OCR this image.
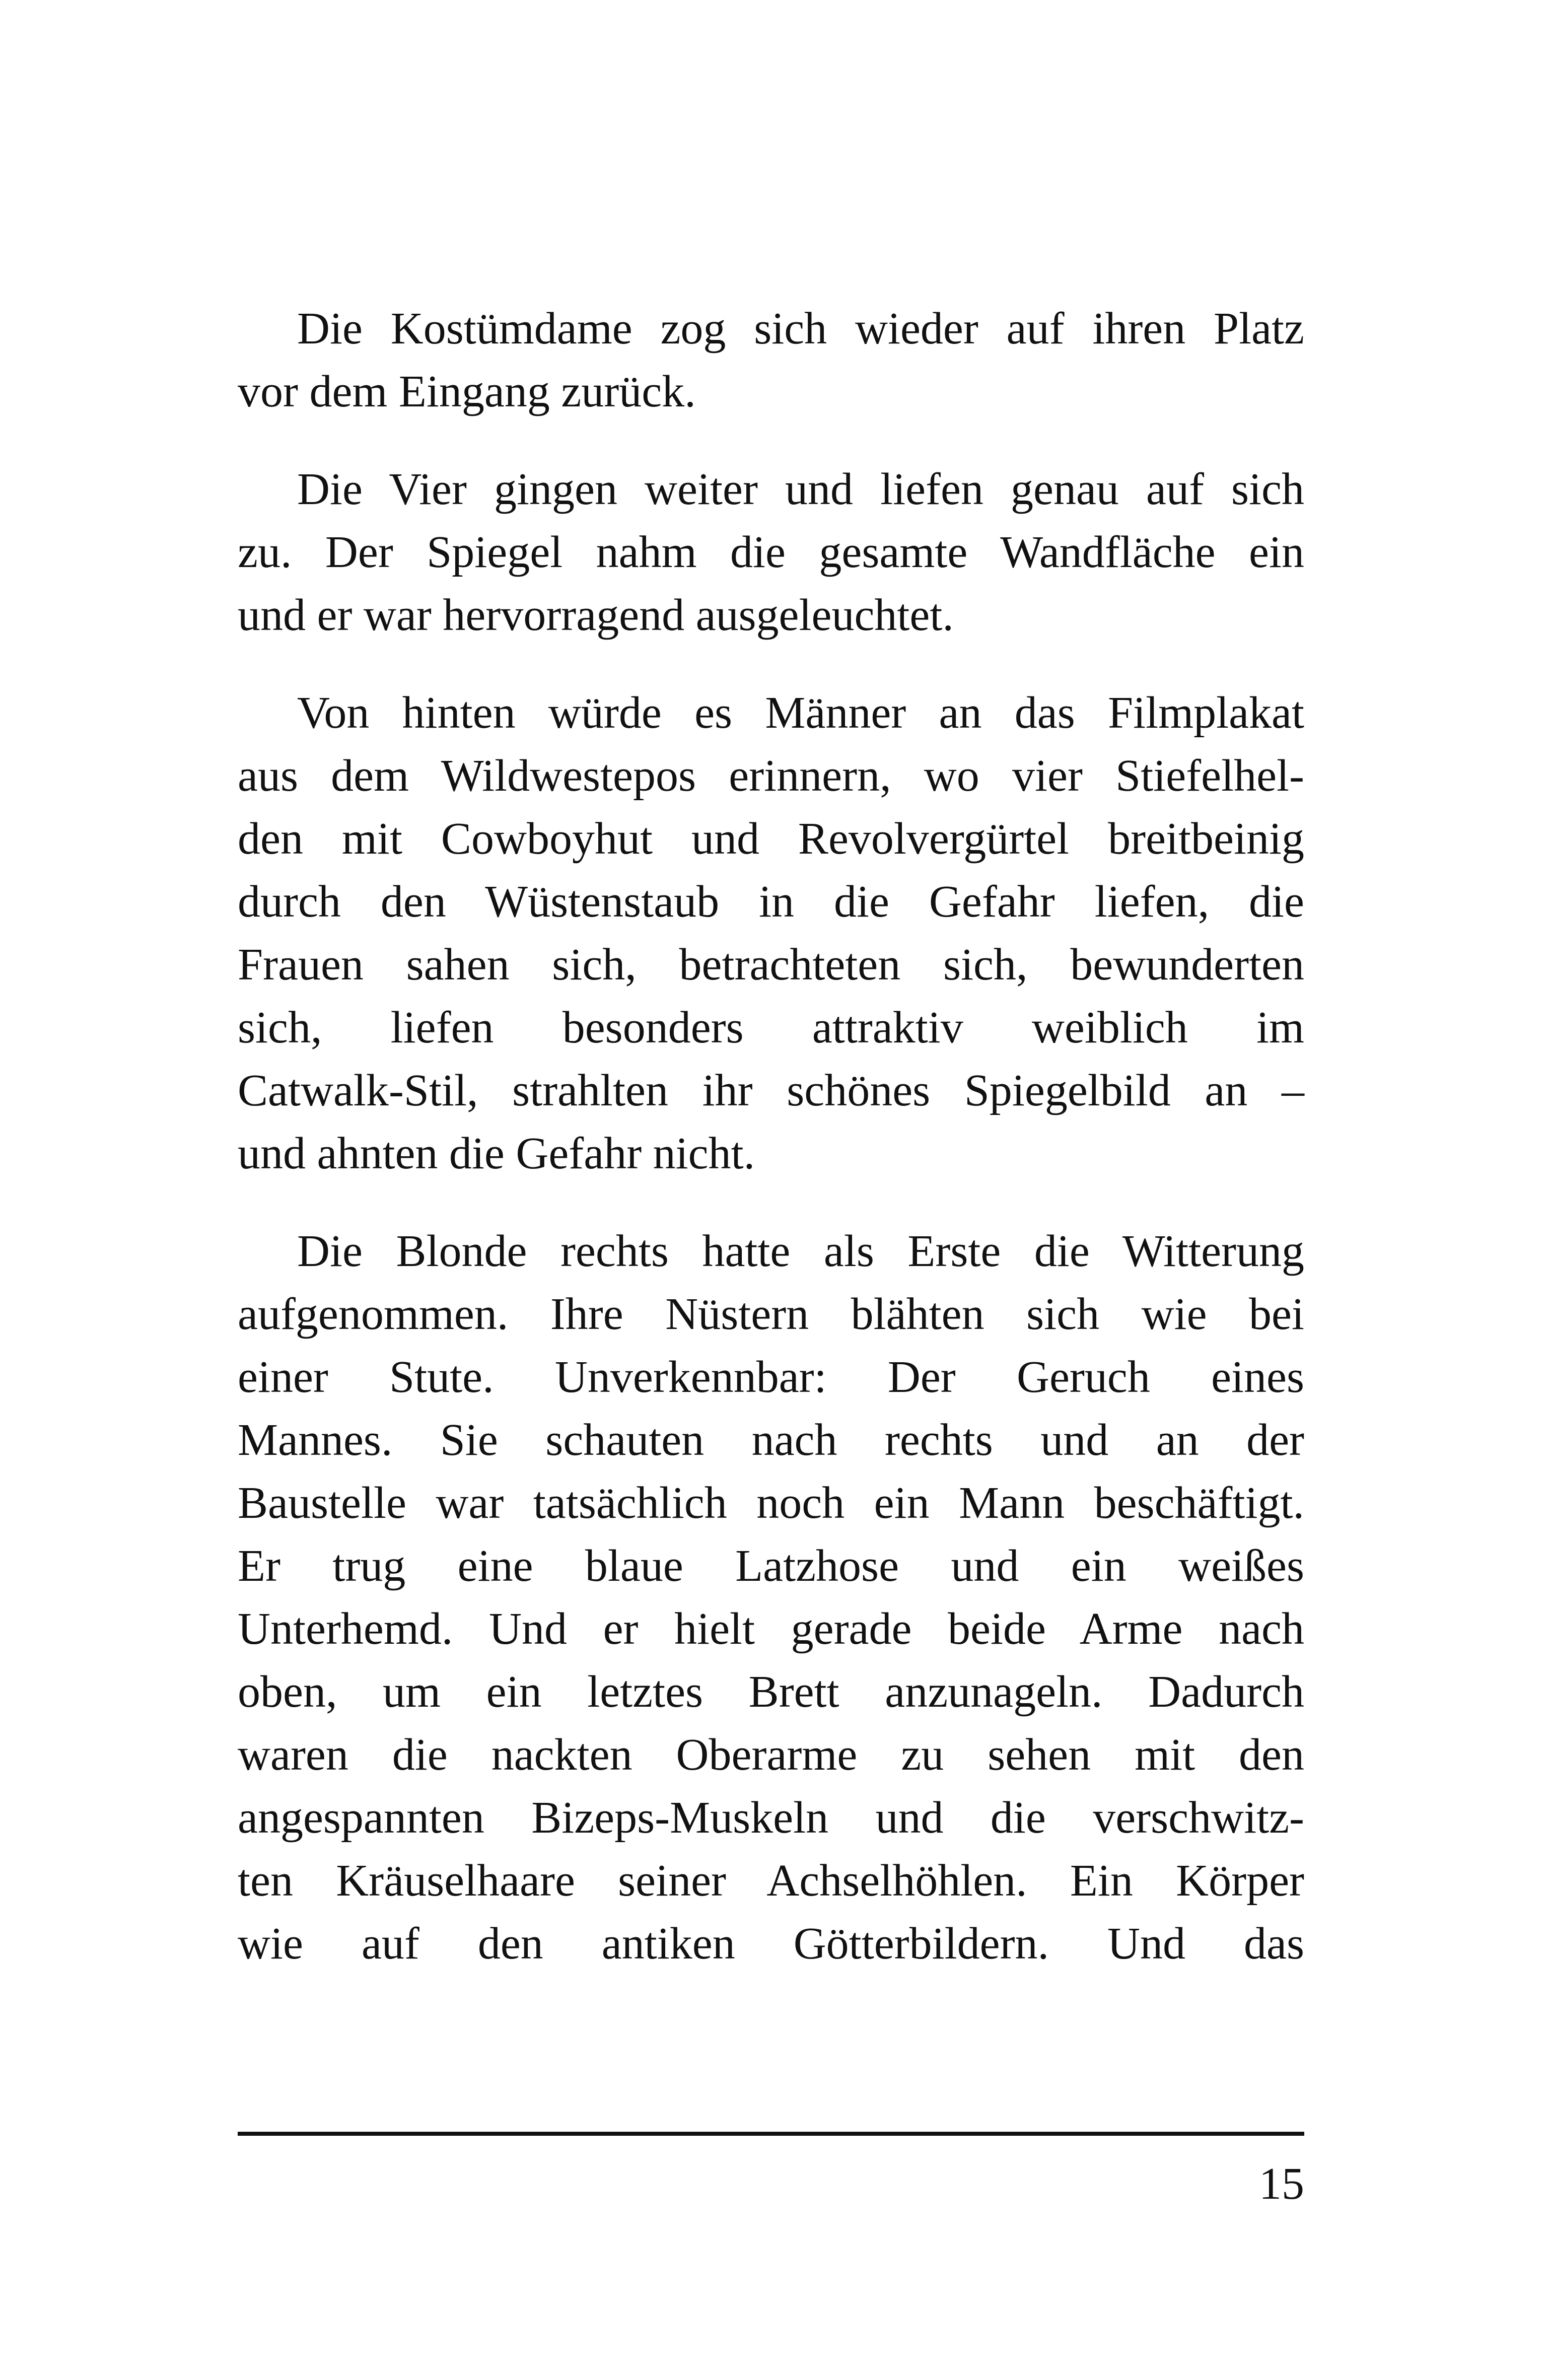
Die Kostümdame zog sich wieder auf ihren Platz
vor dem Eingang zurück.
Die Vier gingen weiter und liefen genau auf sich
zu. Der Spiegel nahm die gesamte Wandfläche ein
und er war hervorragend ausgeleuchtet.
Von hinten würde es Männer an das Filmplakat
aus dem Wildwestepos erinnern, wo vier Stiefelhel-
den mit Cowboyhut und Revolvergürtel breitbeinig
durch den Wüstenstaub in die Gefahr liefen, die
Frauen sahen sich, betrachteten sich, bewunderten
sich, liefen besonders attraktiv weiblich im
Catwalk-Stil, strahlten ihr schönes Spiegelbild an –
und ahnten die Gefahr nicht.
Die Blonde rechts hatte als Erste die Witterung
aufgenommen. Ihre Nüstern blähten sich wie bei
einer Stute. Unverkennbar: Der Geruch eines
Mannes. Sie schauten nach rechts und an der
Baustelle war tatsächlich noch ein Mann beschäftigt.
Er trug eine blaue Latzhose und ein weißes
Unterhemd. Und er hielt gerade beide Arme nach
oben, um ein letztes Brett anzunageln. Dadurch
waren die nackten Oberarme zu sehen mit den
angespannten Bizeps-Muskeln und die verschwitz-
ten Kräuselhaare seiner Achselhöhlen. Ein Körper
wie auf den antiken Götterbildern. Und das
15
